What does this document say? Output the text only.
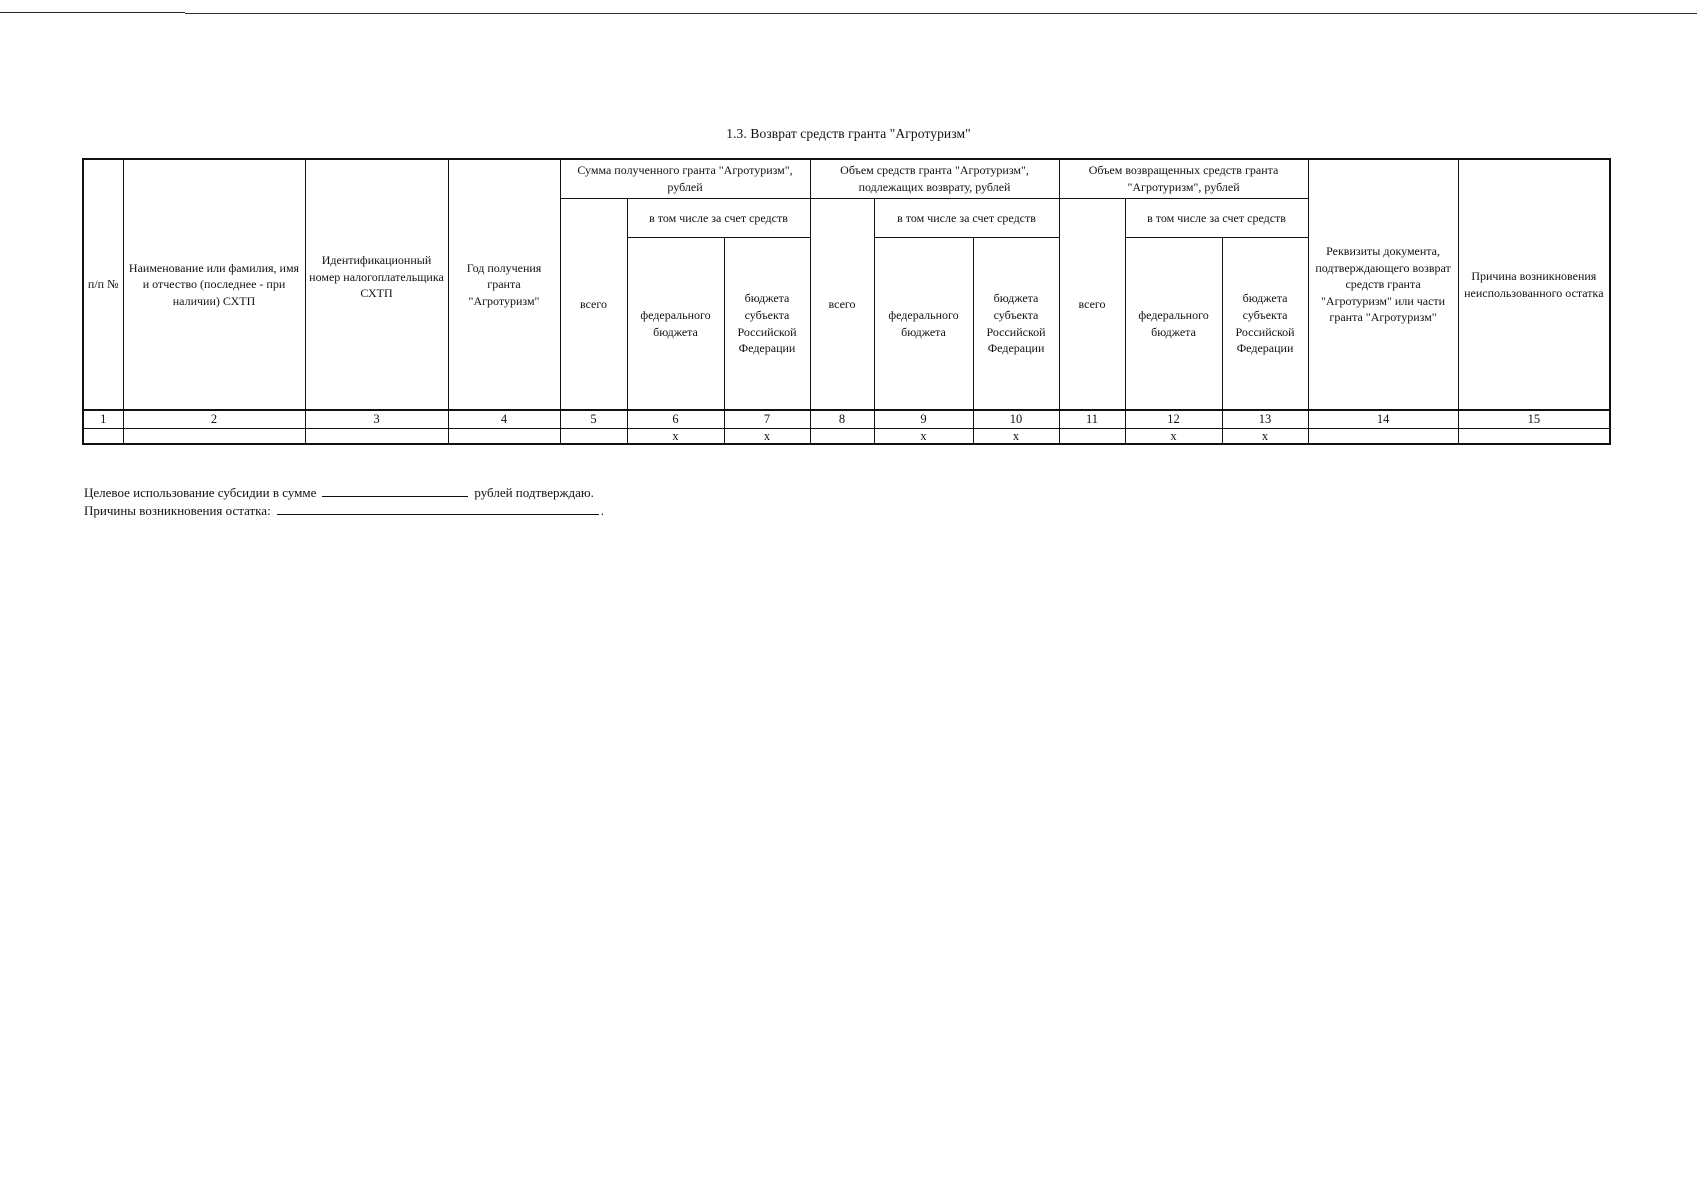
1.3. Возврат средств гранта "Агротуризм"
п/п №	Наименование или фамилия, имя и отчество (последнее - при наличии) СХТП	Идентификационный номер налогоплательщика СХТП	Год получения гранта "Агротуризм"	Сумма полученного гранта "Агротуризм", рублей			Объем средств гранта "Агротуризм", подлежащих возврату, рублей			Объем возвращенных средств гранта "Агротуризм", рублей			Реквизиты документа, подтверждающего возврат средств гранта "Агротуризм" или части гранта "Агротуризм"	Причина возникновения неиспользованного остатка
				всего	в том числе за счет средств		всего	в том числе за счет средств		всего	в том числе за счет средств			
					федерального бюджета	бюджета субъекта Российской Федерации		федерального бюджета	бюджета субъекта Российской Федерации		федерального бюджета	бюджета субъекта Российской Федерации		
1	2	3	4	5	6	7	8	9	10	11	12	13	14	15
					х	х		х	х		х	х		
Целевое использование субсидии в сумме	рублей подтверждаю.
Причины возникновения остатка:	.
